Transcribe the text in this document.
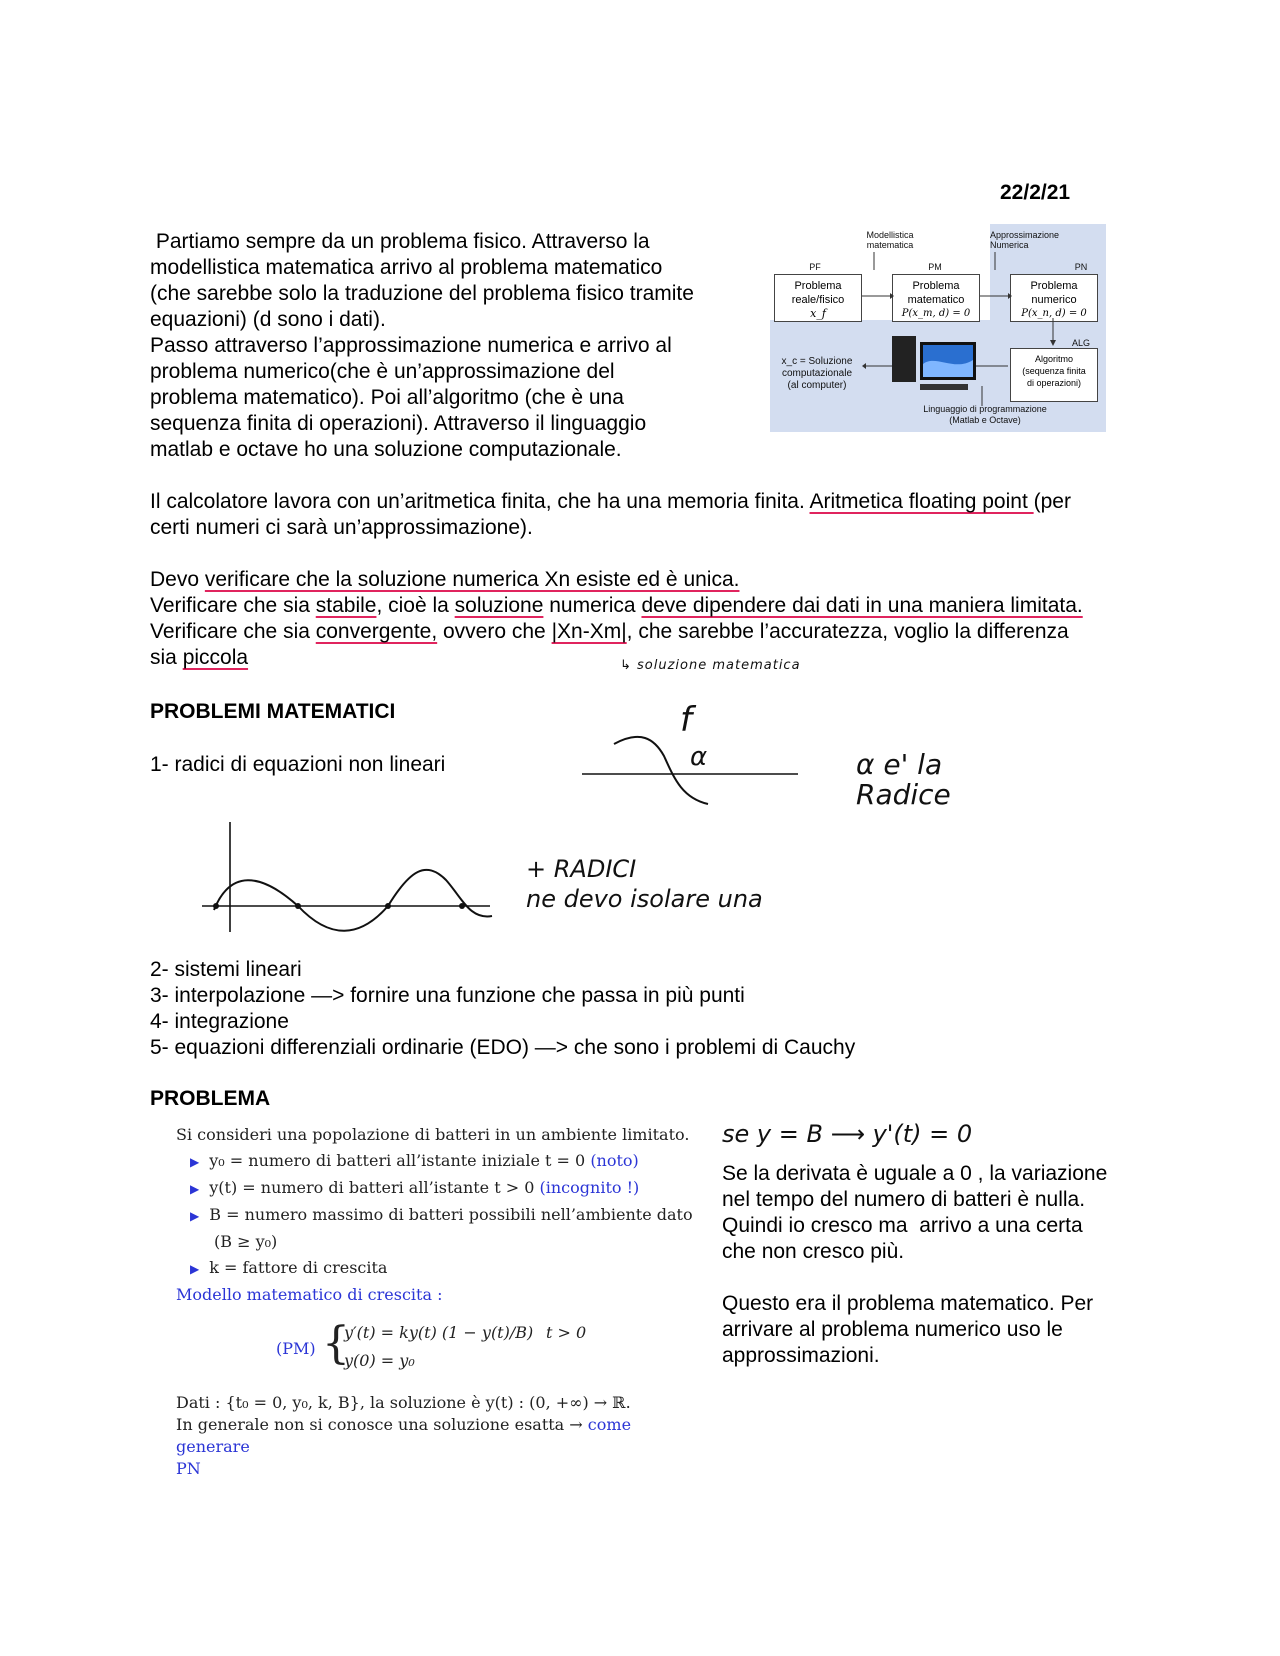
22/2/21
Partiamo sempre da un problema fisico. Attraverso la
modellistica matematica arrivo al problema matematico
(che sarebbe solo la traduzione del problema fisico tramite
equazioni) (d sono i dati).
Passo attraverso l’approssimazione numerica e arrivo al
problema numerico(che è un’approssimazione del
problema matematico). Poi all’algoritmo (che è una
sequenza finita di operazioni). Attraverso il linguaggio
matlab e octave ho una soluzione computazionale.
Modellistica matematica
Approssimazione Numerica
PF	PM	PN
Problema
reale/fisico
x_f
Problema
matematico
P(x_m, d) = 0
Problema
numerico
P(x_n, d) = 0
ALG
Algoritmo
(sequenza finita
di operazioni)
x_c = Soluzione
computazionale
(al computer)
Linguaggio di programmazione
(Matlab e Octave)
Il calcolatore lavora con un’aritmetica finita, che ha una memoria finita. Aritmetica floating point (per
certi numeri ci sarà un’approssimazione).
Devo verificare che la soluzione numerica Xn esiste ed è unica.
Verificare che sia stabile, cioè la soluzione numerica deve dipendere dai dati in una maniera limitata.
Verificare che sia convergente, ovvero che |Xn-Xm|, che sarebbe l’accuratezza, voglio la differenza
sia piccola	↳ soluzione matematica
PROBLEMI MATEMATICI
1- radici di equazioni non lineari
f
α	α e' la
Radice
+ RADICI
ne devo isolare una
2- sistemi lineari
3- interpolazione —> fornire una funzione che passa in più punti
4- integrazione
5- equazioni differenziali ordinarie (EDO) —> che sono i problemi di Cauchy
PROBLEMA
Si consideri una popolazione di batteri in un ambiente limitato.
▶ y₀ = numero di batteri all’istante iniziale t = 0 (noto)
▶ y(t) = numero di batteri all’istante t > 0 (incognito !)
▶ B = numero massimo di batteri possibili nell’ambiente dato
(B ≥ y₀)
▶ k = fattore di crescita
Modello matematico di crescita :
(PM) {
y′(t) = ky(t) (1 − y(t)/B) t > 0
y(0) = y₀
Dati : {t₀ = 0, y₀, k, B}, la soluzione è y(t) : (0, +∞) → ℝ.
In generale non si conosce una soluzione esatta → come generare
PN
se y = B ⟶ y'(t) = 0
Se la derivata è uguale a 0 , la variazione
nel tempo del numero di batteri è nulla.
Quindi io cresco ma  arrivo a una certa
che non cresco più.
Questo era il problema matematico. Per
arrivare al problema numerico uso le
approssimazioni.
